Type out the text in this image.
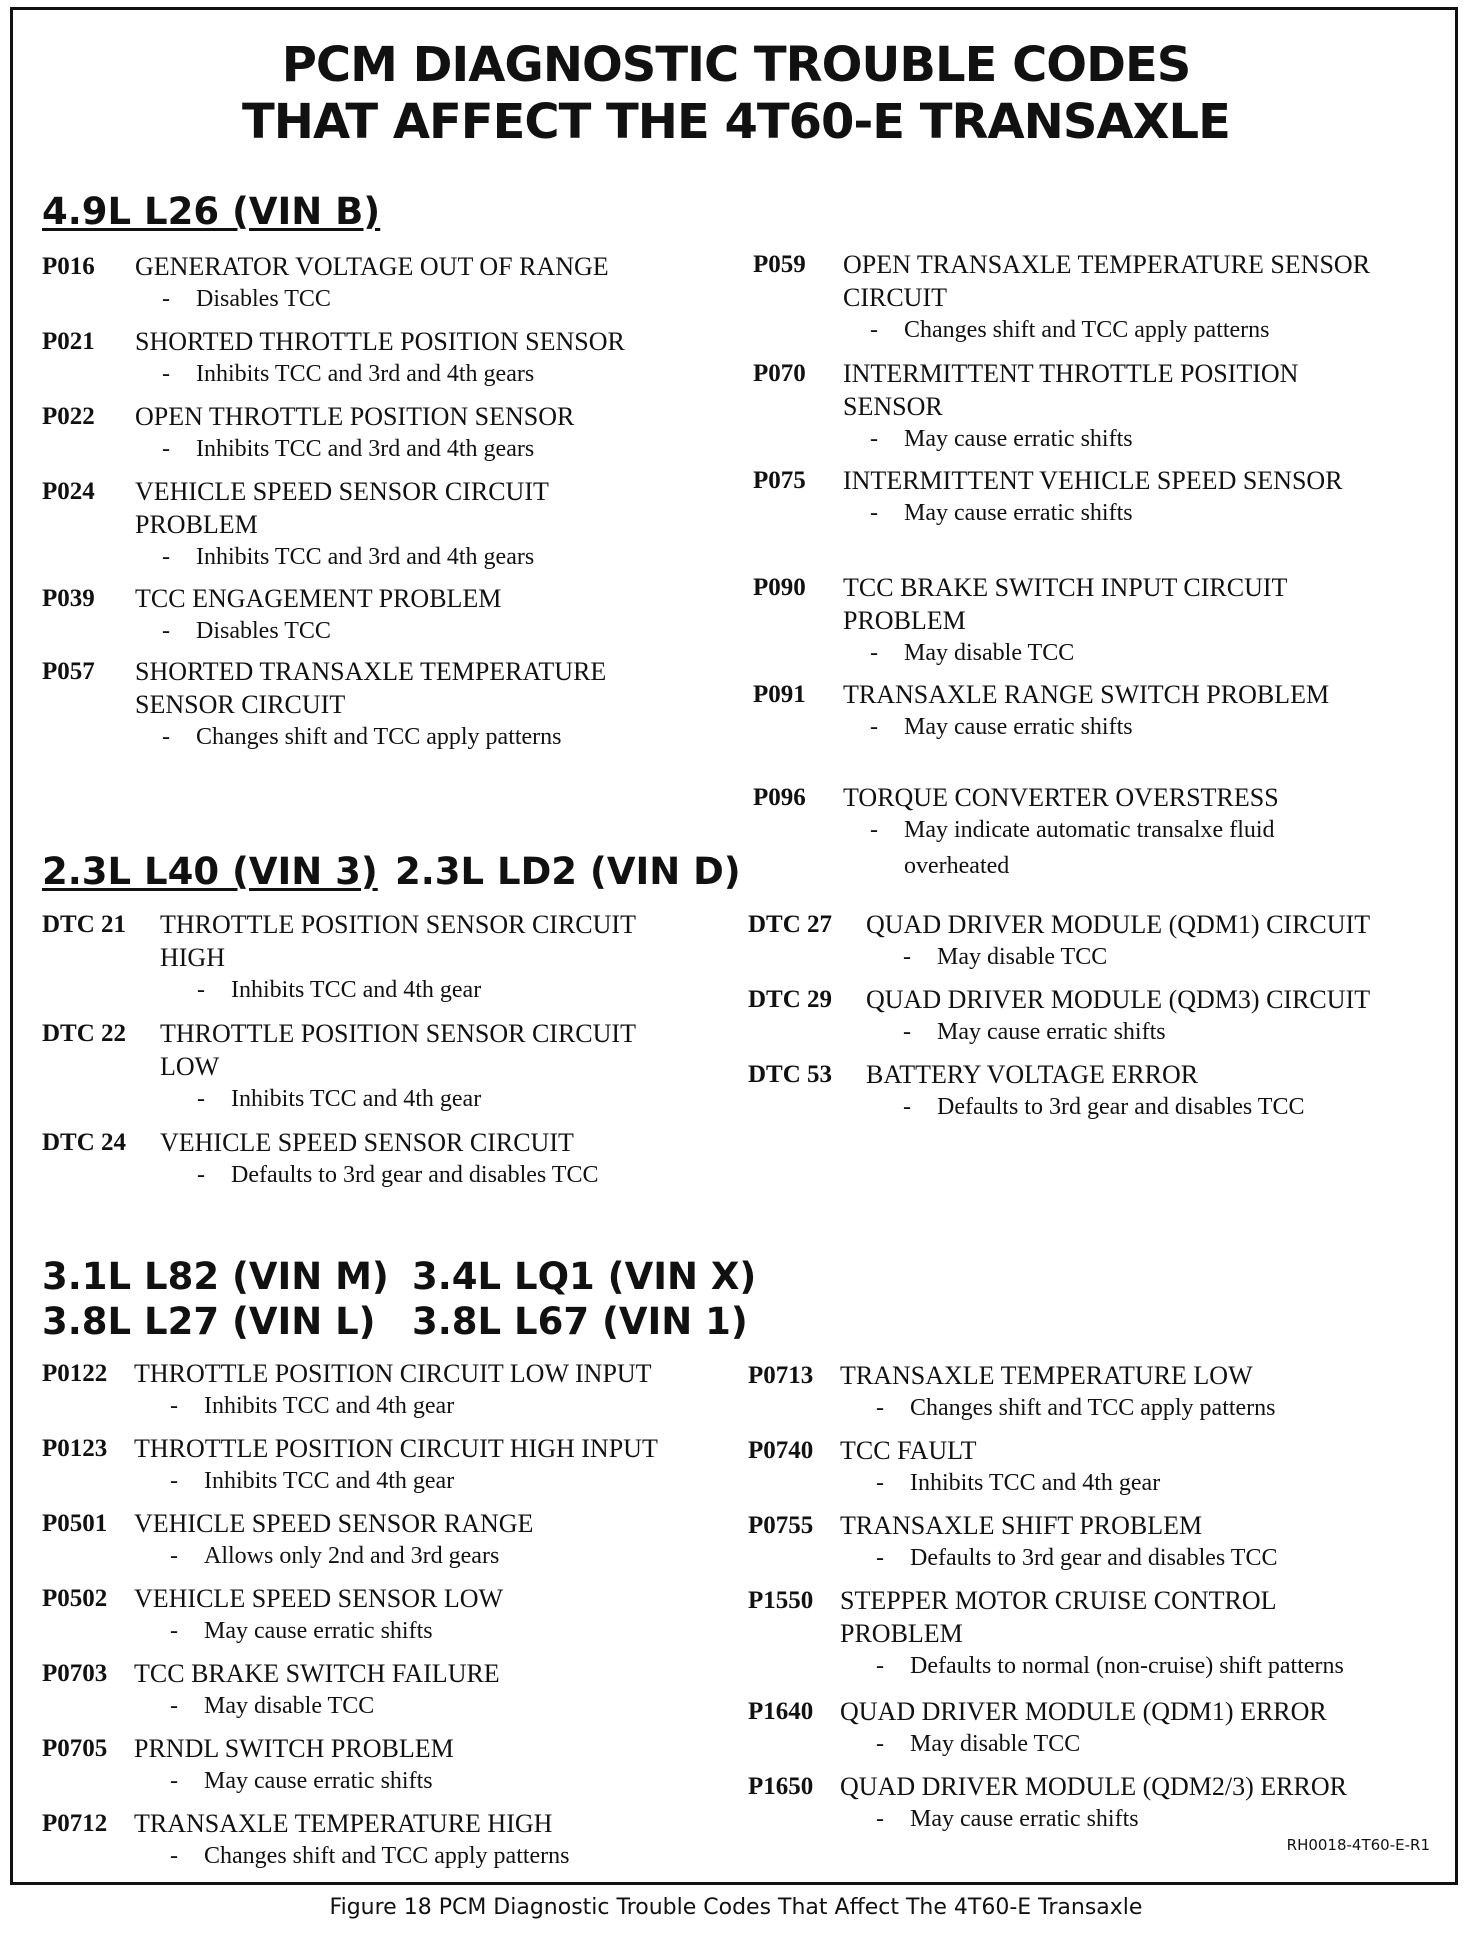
PCM DIAGNOSTIC TROUBLE CODES
THAT AFFECT THE 4T60-E TRANSAXLE
4.9L L26 (VIN B)
2.3L L40 (VIN 3) 2.3L LD2 (VIN D)
3.1L L82 (VIN M) 3.4L LQ1 (VIN X)
3.8L L27 (VIN L) 3.8L L67 (VIN 1)
P016 GENERATOR VOLTAGE OUT OF RANGE
- Disables TCC
P021 SHORTED THROTTLE POSITION SENSOR
- Inhibits TCC and 3rd and 4th gears
P022 OPEN THROTTLE POSITION SENSOR
- Inhibits TCC and 3rd and 4th gears
P024 VEHICLE SPEED SENSOR CIRCUIT
PROBLEM
- Inhibits TCC and 3rd and 4th gears
P039 TCC ENGAGEMENT PROBLEM
- Disables TCC
P057 SHORTED TRANSAXLE TEMPERATURE
SENSOR CIRCUIT
- Changes shift and TCC apply patterns
P059 OPEN TRANSAXLE TEMPERATURE SENSOR
CIRCUIT
- Changes shift and TCC apply patterns
P070 INTERMITTENT THROTTLE POSITION
SENSOR
- May cause erratic shifts
P075 INTERMITTENT VEHICLE SPEED SENSOR
- May cause erratic shifts
P090 TCC BRAKE SWITCH INPUT CIRCUIT
PROBLEM
- May disable TCC
P091 TRANSAXLE RANGE SWITCH PROBLEM
- May cause erratic shifts
P096 TORQUE CONVERTER OVERSTRESS
- May indicate automatic transalxe fluid
overheated
DTC 21 THROTTLE POSITION SENSOR CIRCUIT
HIGH
- Inhibits TCC and 4th gear
DTC 22 THROTTLE POSITION SENSOR CIRCUIT
LOW
- Inhibits TCC and 4th gear
DTC 24 VEHICLE SPEED SENSOR CIRCUIT
- Defaults to 3rd gear and disables TCC
DTC 27 QUAD DRIVER MODULE (QDM1) CIRCUIT
- May disable TCC
DTC 29 QUAD DRIVER MODULE (QDM3) CIRCUIT
- May cause erratic shifts
DTC 53 BATTERY VOLTAGE ERROR
- Defaults to 3rd gear and disables TCC
P0122 THROTTLE POSITION CIRCUIT LOW INPUT
- Inhibits TCC and 4th gear
P0123 THROTTLE POSITION CIRCUIT HIGH INPUT
- Inhibits TCC and 4th gear
P0501 VEHICLE SPEED SENSOR RANGE
- Allows only 2nd and 3rd gears
P0502 VEHICLE SPEED SENSOR LOW
- May cause erratic shifts
P0703 TCC BRAKE SWITCH FAILURE
- May disable TCC
P0705 PRNDL SWITCH PROBLEM
- May cause erratic shifts
P0712 TRANSAXLE TEMPERATURE HIGH
- Changes shift and TCC apply patterns
P0713 TRANSAXLE TEMPERATURE LOW
- Changes shift and TCC apply patterns
P0740 TCC FAULT
- Inhibits TCC and 4th gear
P0755 TRANSAXLE SHIFT PROBLEM
- Defaults to 3rd gear and disables TCC
P1550 STEPPER MOTOR CRUISE CONTROL
PROBLEM
- Defaults to normal (non-cruise) shift patterns
P1640 QUAD DRIVER MODULE (QDM1) ERROR
- May disable TCC
P1650 QUAD DRIVER MODULE (QDM2/3) ERROR
- May cause erratic shifts
RH0018-4T60-E-R1
Figure 18 PCM Diagnostic Trouble Codes That Affect The 4T60-E Transaxle
